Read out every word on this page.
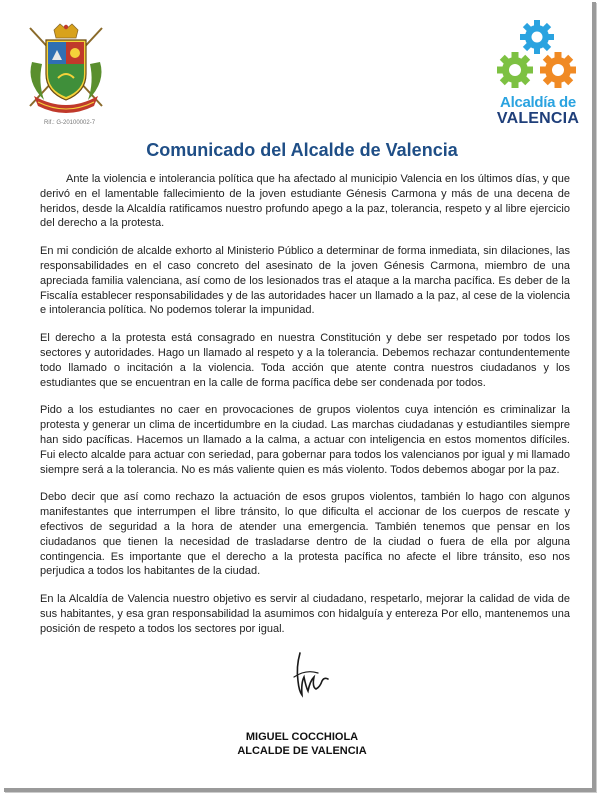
Rif.: G-20100002-7
Alcaldía de
VALENCIA
Comunicado del Alcalde de Valencia

Ante la violencia e intolerancia política que ha afectado al municipio Valencia en los últimos días, y que derivó en el lamentable fallecimiento de la joven estudiante Génesis Carmona y más de una decena de heridos, desde la Alcaldía ratificamos nuestro profundo apego a la paz, tolerancia, respeto y al libre ejercicio del derecho a la protesta.

En mi condición de alcalde exhorto al Ministerio Público a determinar de forma inmediata, sin dilaciones, las responsabilidades en el caso concreto del asesinato de la joven Génesis Carmona, miembro de una apreciada familia valenciana, así como de los lesionados tras el ataque a la marcha pacífica. Es deber de la Fiscalía establecer responsabilidades y de las autoridades hacer un llamado a la paz, al cese de la violencia e intolerancia política. No podemos tolerar la impunidad.

El derecho a la protesta está consagrado en nuestra Constitución y debe ser respetado por todos los sectores y autoridades. Hago un llamado al respeto y a la tolerancia. Debemos rechazar contundentemente todo llamado o incitación a la violencia. Toda acción que atente contra nuestros ciudadanos y los estudiantes que se encuentran en la calle de forma pacífica debe ser condenada por todos.

Pido a los estudiantes no caer en provocaciones de grupos violentos cuya intención es criminalizar la protesta y generar un clima de incertidumbre en la ciudad. Las marchas ciudadanas y estudiantiles siempre han sido pacíficas. Hacemos un llamado a la calma, a actuar con inteligencia en estos momentos difíciles. Fui electo alcalde para actuar con seriedad, para gobernar para todos los valencianos por igual y mi llamado siempre será a la tolerancia. No es más valiente quien es más violento. Todos debemos abogar por la paz.

Debo decir que así como rechazo la actuación de esos grupos violentos, también lo hago con algunos manifestantes que interrumpen el libre tránsito, lo que dificulta el accionar de los cuerpos de rescate y efectivos de seguridad a la hora de atender una emergencia. También tenemos que pensar en los ciudadanos que tienen la necesidad de trasladarse dentro de la ciudad o fuera de ella por alguna contingencia. Es importante que el derecho a la protesta pacífica no afecte el libre tránsito, eso nos perjudica a todos los habitantes de la ciudad.

En la Alcaldía de Valencia nuestro objetivo es servir al ciudadano, respetarlo, mejorar la calidad de vida de sus habitantes, y esa gran responsabilidad la asumimos con hidalguía y entereza Por ello, mantenemos una posición de respeto a todos los sectores por igual.

MIGUEL COCCHIOLA
ALCALDE DE VALENCIA
